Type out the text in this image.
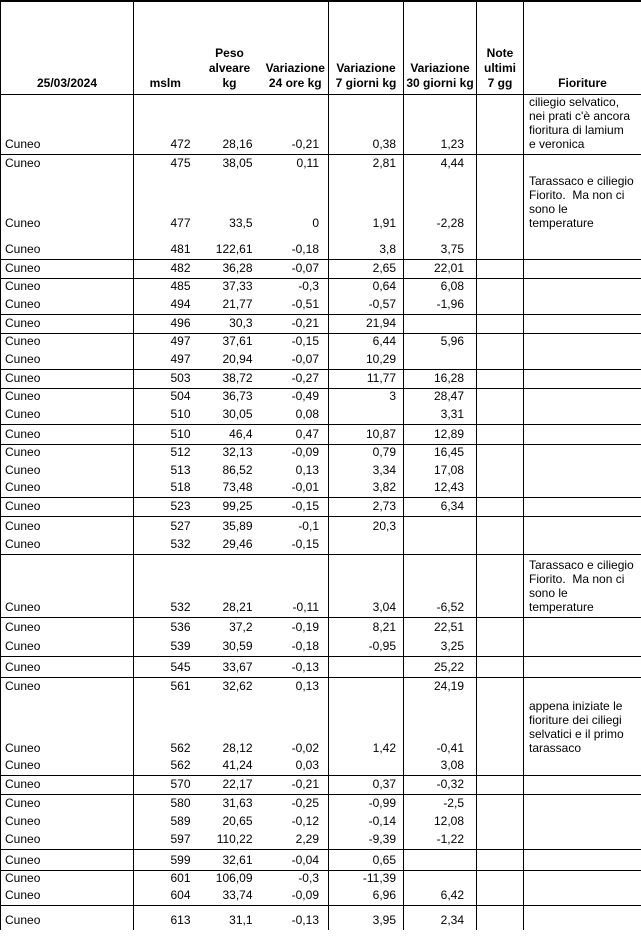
25/03/2024	mslm

Peso
alveare
kg

Variazione
24 ore kg

Variazione
7 giorni kg

Variazione
30 giorni kg

Note
ultimi
7 gg	Fioriture

Cuneo	472	28,16	-0,21	0,38	1,23		ciliegio selvatico,
nei prati c'è ancora
fioritura di lamium
e veronica

Cuneo	475	38,05	0,11	2,81	4,44		
Cuneo	477	33,5	0	1,91	-2,28		Tarassaco e ciliegio
Fiorito.  Ma non ci
sono le
temperature

Cuneo	481	122,61	-0,18	3,8	3,75		
Cuneo	482	36,28	-0,07	2,65	22,01		
Cuneo	485	37,33	-0,3	0,64	6,08		
Cuneo	494	21,77	-0,51	-0,57	-1,96		
Cuneo	496	30,3	-0,21	21,94			
Cuneo	497	37,61	-0,15	6,44	5,96		
Cuneo	497	20,94	-0,07	10,29			
Cuneo	503	38,72	-0,27	11,77	16,28		
Cuneo	504	36,73	-0,49	3	28,47		
Cuneo	510	30,05	0,08		3,31		
Cuneo	510	46,4	0,47	10,87	12,89		
Cuneo	512	32,13	-0,09	0,79	16,45		
Cuneo	513	86,52	0,13	3,34	17,08		
Cuneo	518	73,48	-0,01	3,82	12,43		
Cuneo	523	99,25	-0,15	2,73	6,34		
Cuneo	527	35,89	-0,1	20,3			
Cuneo	532	29,46	-0,15				
Cuneo	532	28,21	-0,11	3,04	-6,52		Tarassaco e ciliegio
Fiorito.  Ma non ci
sono le
temperature

Cuneo	536	37,2	-0,19	8,21	22,51		
Cuneo	539	30,59	-0,18	-0,95	3,25		
Cuneo	545	33,67	-0,13		25,22		
Cuneo	561	32,62	0,13		24,19		
Cuneo	562	28,12	-0,02	1,42	-0,41		appena iniziate le
fioriture dei ciliegi
selvatici e il primo
tarassaco

Cuneo	562	41,24	0,03		3,08		
Cuneo	570	22,17	-0,21	0,37	-0,32		
Cuneo	580	31,63	-0,25	-0,99	-2,5		
Cuneo	589	20,65	-0,12	-0,14	12,08		
Cuneo	597	110,22	2,29	-9,39	-1,22		
Cuneo	599	32,61	-0,04	0,65			
Cuneo	601	106,09	-0,3	-11,39			
Cuneo	604	33,74	-0,09	6,96	6,42		
Cuneo	613	31,1	-0,13	3,95	2,34		
